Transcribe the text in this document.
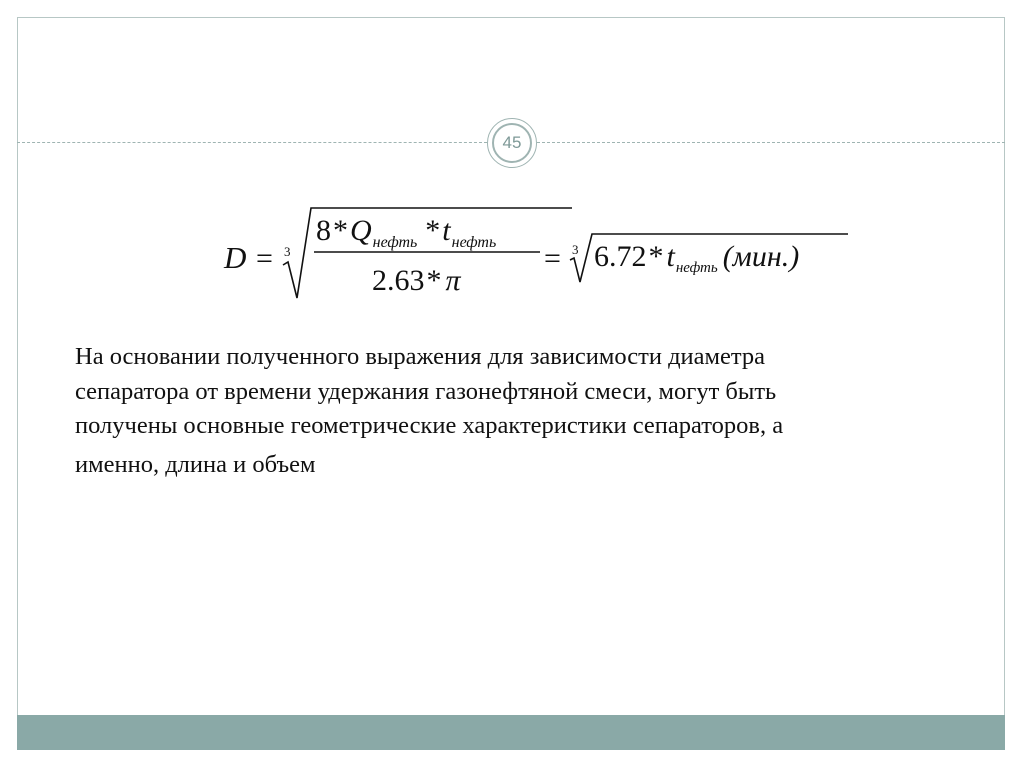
45
D = 3
$8*Q_{нефть}$ $*t_{нефть}$
2.63* π
= 3 6.72* $t_{нефть}$ (мин.)
На основании полученного выражения для зависимости диаметра
сепаратора от времени удержания газонефтяной смеси, могут быть
получены основные геометрические характеристики сепараторов, а
именно, длина и объем
